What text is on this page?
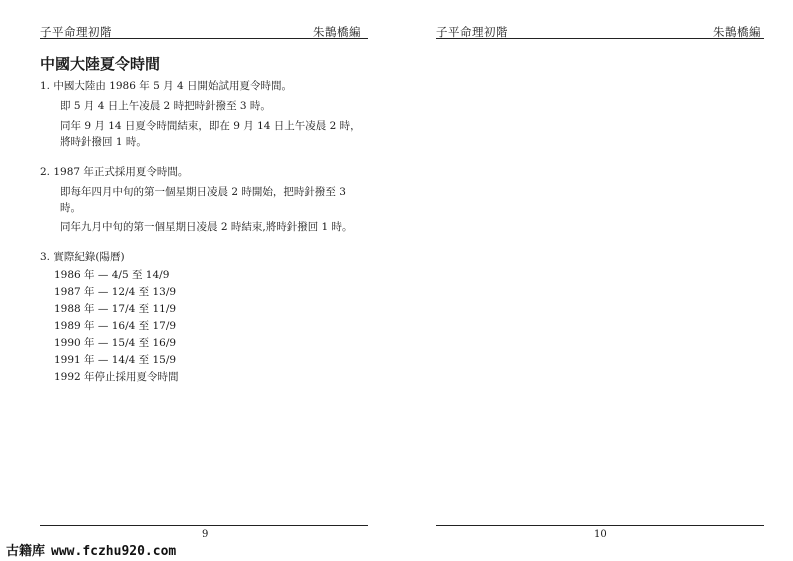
子平命理初階	朱鵲橋編
中國大陸夏令時間
1. 中國大陸由 1986 年 5 月 4 日開始試用夏令時間。
即 5 月 4 日上午凌晨 2 時把時針撥至 3 時。
同年 9 月 14 日夏令時間結束，即在 9 月 14 日上午凌晨 2 時，
將時針撥回 1 時。
2. 1987 年正式採用夏令時間。
即每年四月中旬的第一個星期日凌晨 2 時開始，把時針撥至 3
時。
同年九月中旬的第一個星期日凌晨 2 時結束,將時針撥回 1 時。
3. 實際紀錄(陽曆)
1986 年 — 4/5 至 14/9
1987 年 — 12/4 至 13/9
1988 年 — 17/4 至 11/9
1989 年 — 16/4 至 17/9
1990 年 — 15/4 至 16/9
1991 年 — 14/4 至 15/9
1992 年停止採用夏令時間
9
子平命理初階	朱鵲橋編
10
古籍库 www.fczhu920.com
